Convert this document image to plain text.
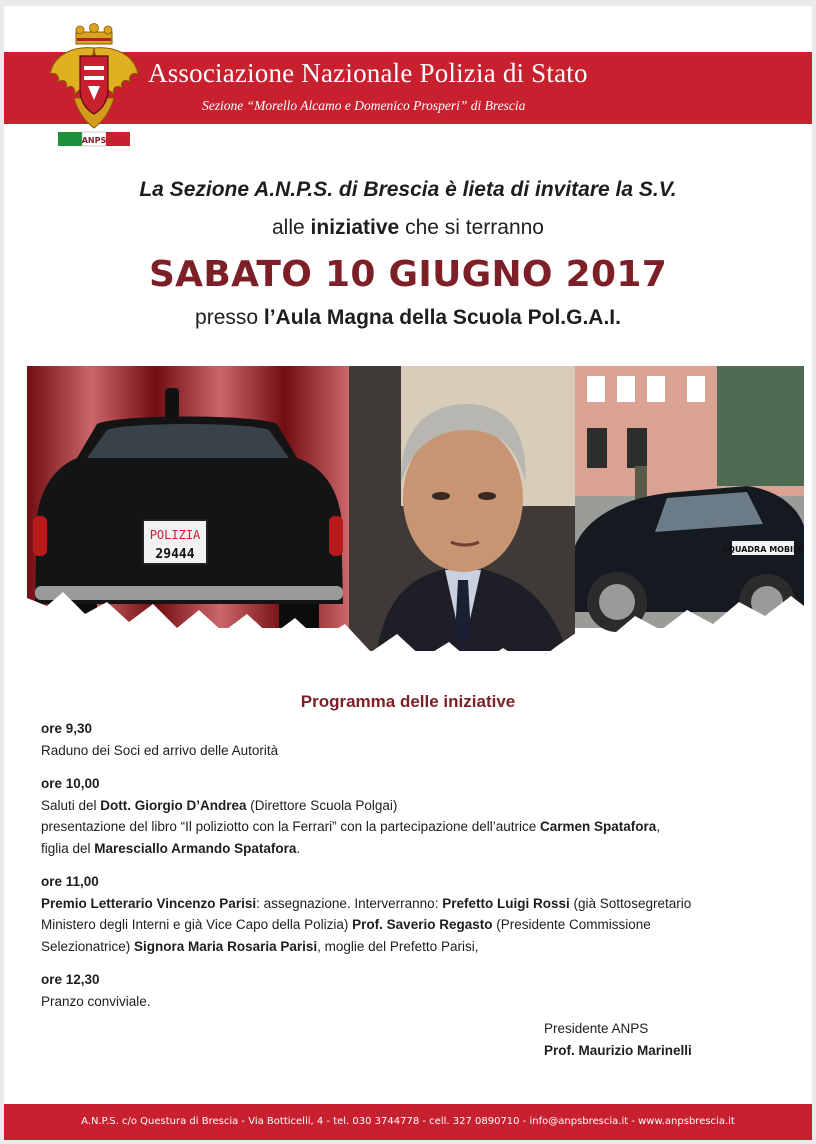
Associazione Nazionale Polizia di Stato
Sezione “Morello Alcamo e Domenico Prosperi” di Brescia
ANPS
La Sezione A.N.P.S. di Brescia è lieta di invitare la S.V.
alle iniziative che si terranno
SABATO 10 GIUGNO 2017
presso l’Aula Magna della Scuola Pol.G.A.I.
POLIZIA
29444	SQUADRA MOBILE
Programma delle iniziative
ore 9,30
Raduno dei Soci ed arrivo delle Autorità
ore 10,00
Saluti del Dott. Giorgio D’Andrea (Direttore Scuola Polgai)
presentazione del libro “Il poliziotto con la Ferrari” con la partecipazione dell’autrice Carmen Spatafora,
figlia del Maresciallo Armando Spatafora.
ore 11,00
Premio Letterario Vincenzo Parisi: assegnazione. Interverranno: Prefetto Luigi Rossi (già Sottosegretario
Ministero degli Interni e già Vice Capo della Polizia) Prof. Saverio Regasto (Presidente Commissione
Selezionatrice) Signora Maria Rosaria Parisi, moglie del Prefetto Parisi,
ore 12,30
Pranzo conviviale.
Presidente ANPS
Prof. Maurizio Marinelli
A.N.P.S. c/o Questura di Brescia - Via Botticelli, 4 - tel. 030 3744778 - cell. 327 0890710 - info@anpsbrescia.it - www.anpsbrescia.it
